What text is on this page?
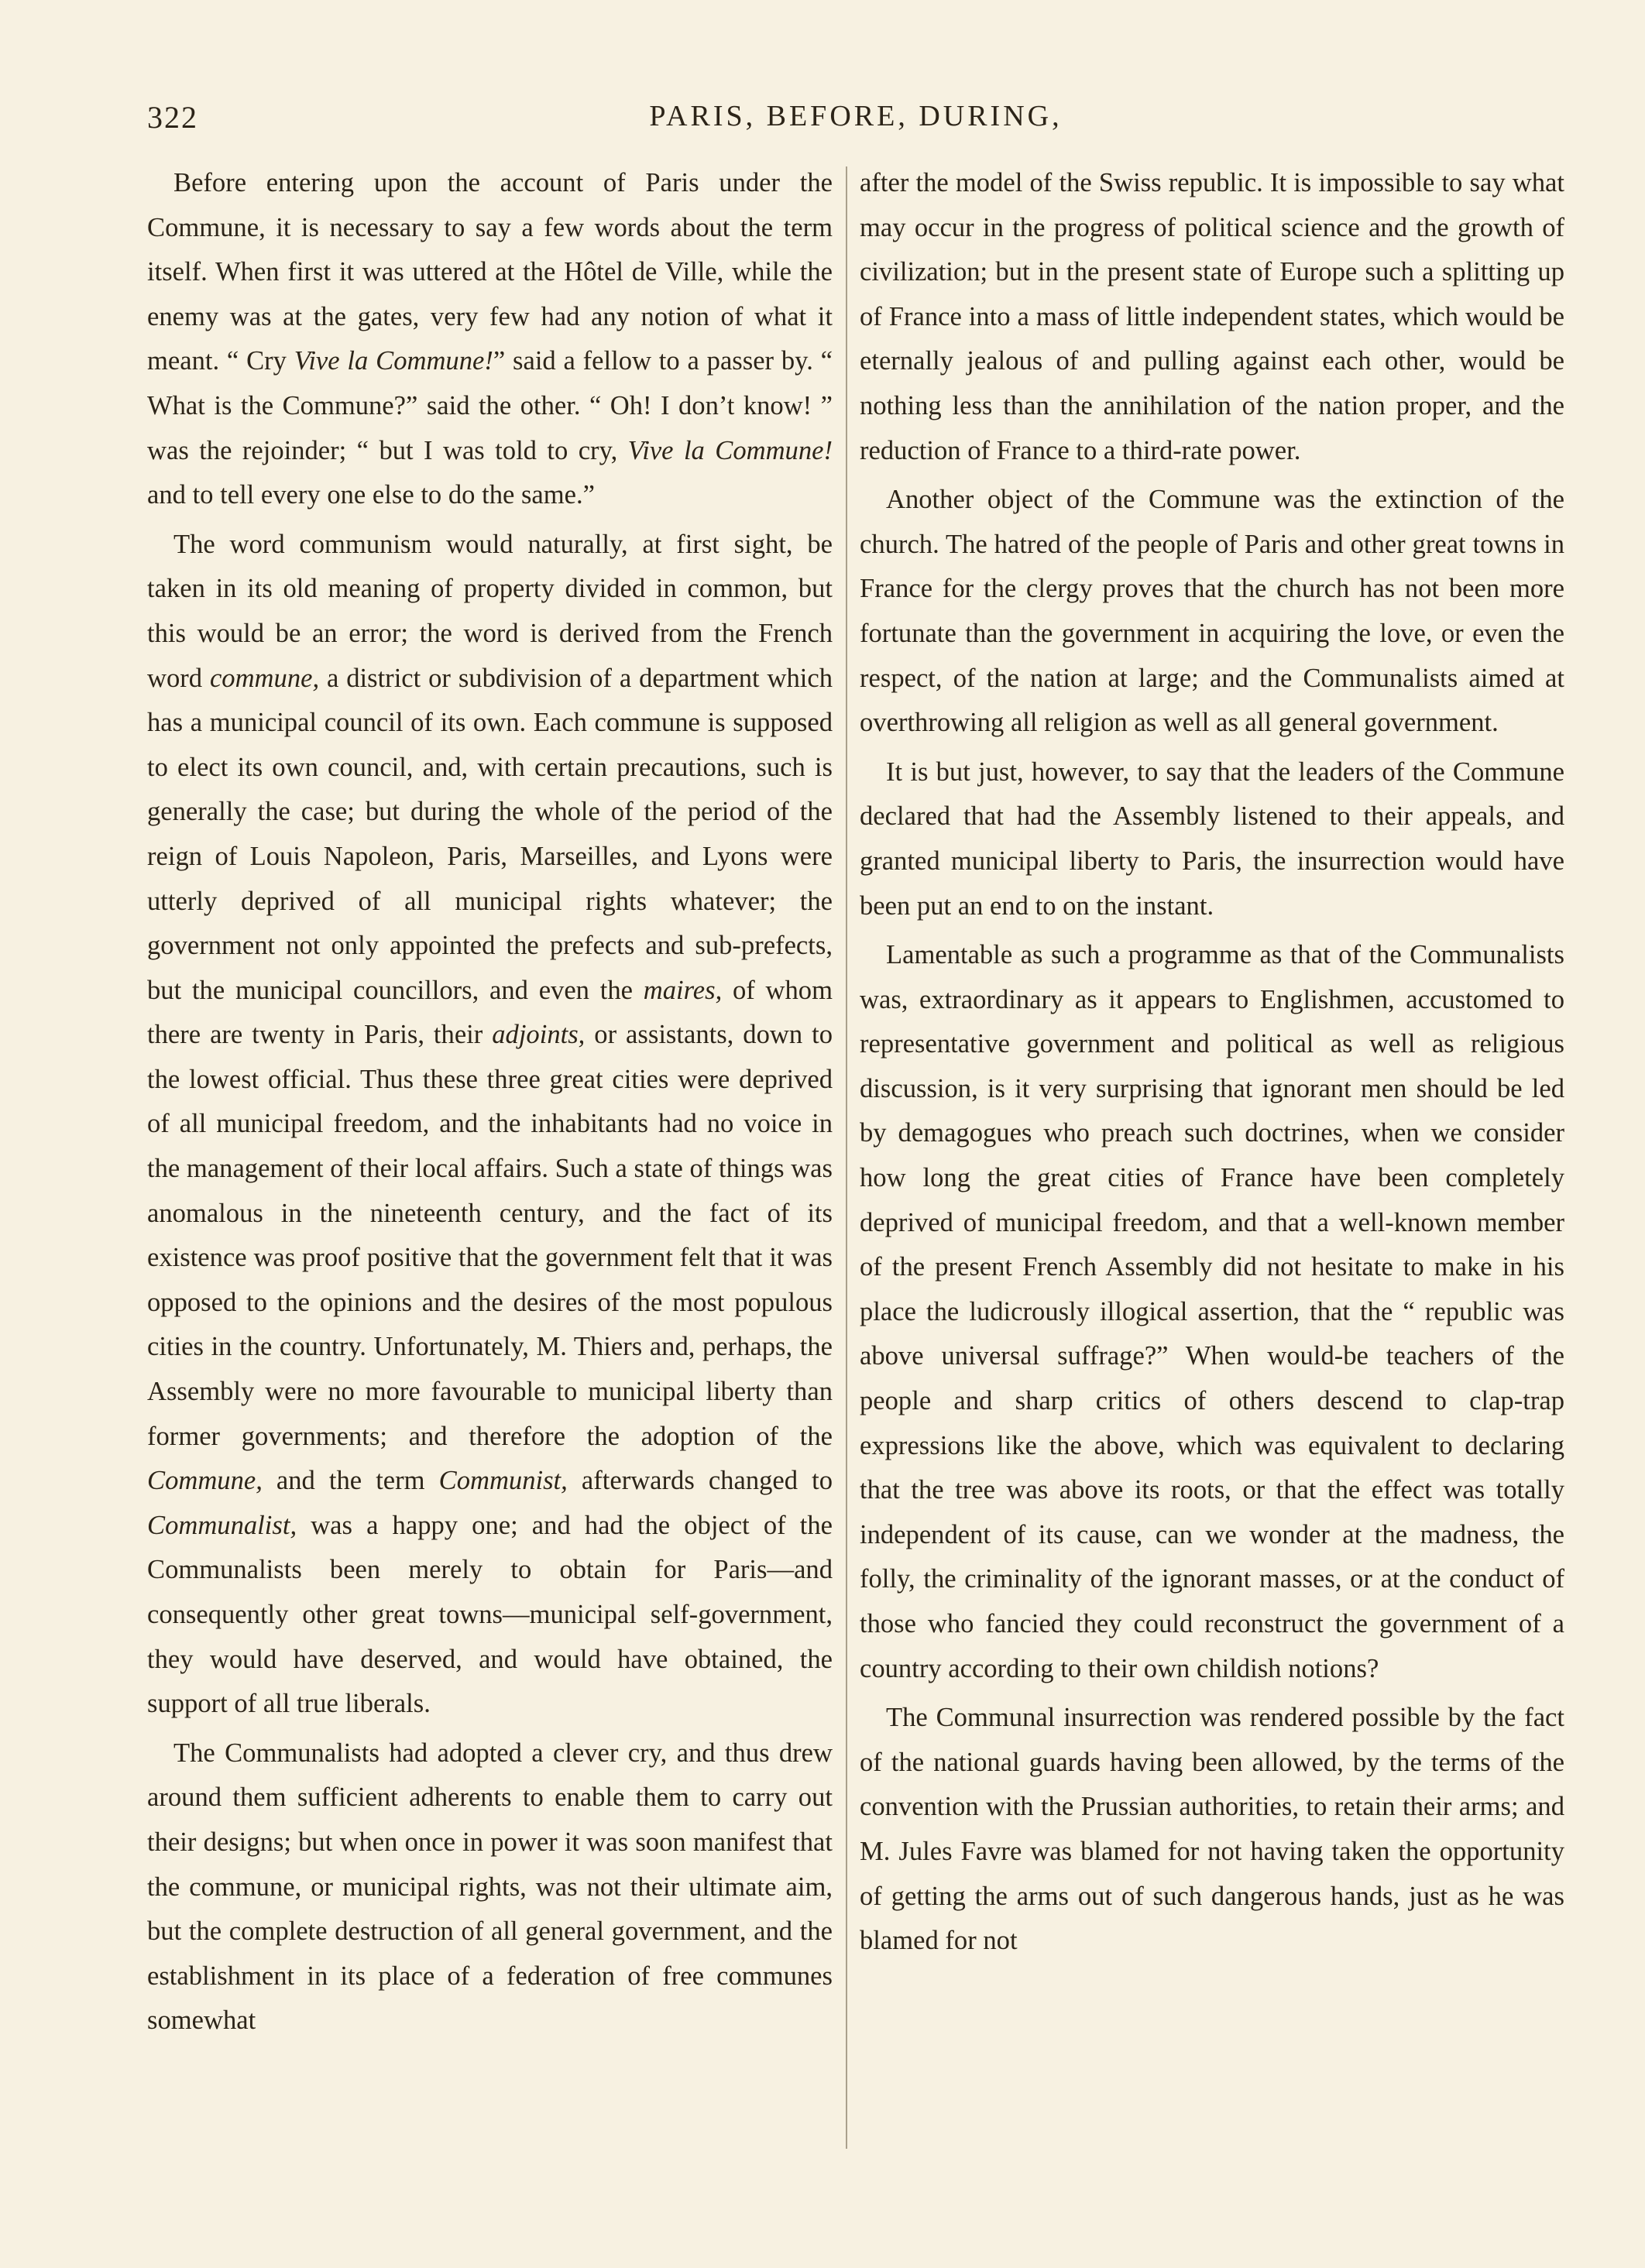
322	PARIS, BEFORE, DURING,

Before entering upon the account of Paris under the Commune, it is necessary to say a few words about the term itself. When first it was uttered at the Hôtel de Ville, while the enemy was at the gates, very few had any notion of what it meant. “ Cry Vive la Commune!” said a fellow to a passer by. “ What is the Commune?” said the other. “ Oh! I don’t know! ” was the rejoinder; “ but I was told to cry, Vive la Commune! and to tell every one else to do the same.”

The word communism would naturally, at first sight, be taken in its old meaning of property divided in common, but this would be an error; the word is derived from the French word commune, a district or subdivision of a department which has a municipal council of its own. Each commune is supposed to elect its own council, and, with certain precautions, such is generally the case; but during the whole of the period of the reign of Louis Napoleon, Paris, Marseilles, and Lyons were utterly deprived of all municipal rights whatever; the government not only appointed the prefects and sub-prefects, but the municipal councillors, and even the maires, of whom there are twenty in Paris, their adjoints, or assistants, down to the lowest official. Thus these three great cities were deprived of all municipal freedom, and the inhabitants had no voice in the management of their local affairs. Such a state of things was anomalous in the nineteenth century, and the fact of its existence was proof positive that the government felt that it was opposed to the opinions and the desires of the most populous cities in the country. Unfortunately, M. Thiers and, perhaps, the Assembly were no more favourable to municipal liberty than former governments; and therefore the adoption of the Commune, and the term Communist, afterwards changed to Communalist, was a happy one; and had the object of the Communalists been merely to obtain for Paris—and consequently other great towns—municipal self-government, they would have deserved, and would have obtained, the support of all true liberals.

The Communalists had adopted a clever cry, and thus drew around them sufficient adherents to enable them to carry out their designs; but when once in power it was soon manifest that the commune, or municipal rights, was not their ultimate aim, but the complete destruction of all general government, and the establishment in its place of a federation of free communes somewhat

after the model of the Swiss republic. It is impossible to say what may occur in the progress of political science and the growth of civilization; but in the present state of Europe such a splitting up of France into a mass of little independent states, which would be eternally jealous of and pulling against each other, would be nothing less than the annihilation of the nation proper, and the reduction of France to a third-rate power.

Another object of the Commune was the extinction of the church. The hatred of the people of Paris and other great towns in France for the clergy proves that the church has not been more fortunate than the government in acquiring the love, or even the respect, of the nation at large; and the Communalists aimed at overthrowing all religion as well as all general government.

It is but just, however, to say that the leaders of the Commune declared that had the Assembly listened to their appeals, and granted municipal liberty to Paris, the insurrection would have been put an end to on the instant.

Lamentable as such a programme as that of the Communalists was, extraordinary as it appears to Englishmen, accustomed to representative government and political as well as religious discussion, is it very surprising that ignorant men should be led by demagogues who preach such doctrines, when we consider how long the great cities of France have been completely deprived of municipal freedom, and that a well-known member of the present French Assembly did not hesitate to make in his place the ludicrously illogical assertion, that the “ republic was above universal suffrage?” When would-be teachers of the people and sharp critics of others descend to clap-trap expressions like the above, which was equivalent to declaring that the tree was above its roots, or that the effect was totally independent of its cause, can we wonder at the madness, the folly, the criminality of the ignorant masses, or at the conduct of those who fancied they could reconstruct the government of a country according to their own childish notions?

The Communal insurrection was rendered possible by the fact of the national guards having been allowed, by the terms of the convention with the Prussian authorities, to retain their arms; and M. Jules Favre was blamed for not having taken the opportunity of getting the arms out of such dangerous hands, just as he was blamed for not
